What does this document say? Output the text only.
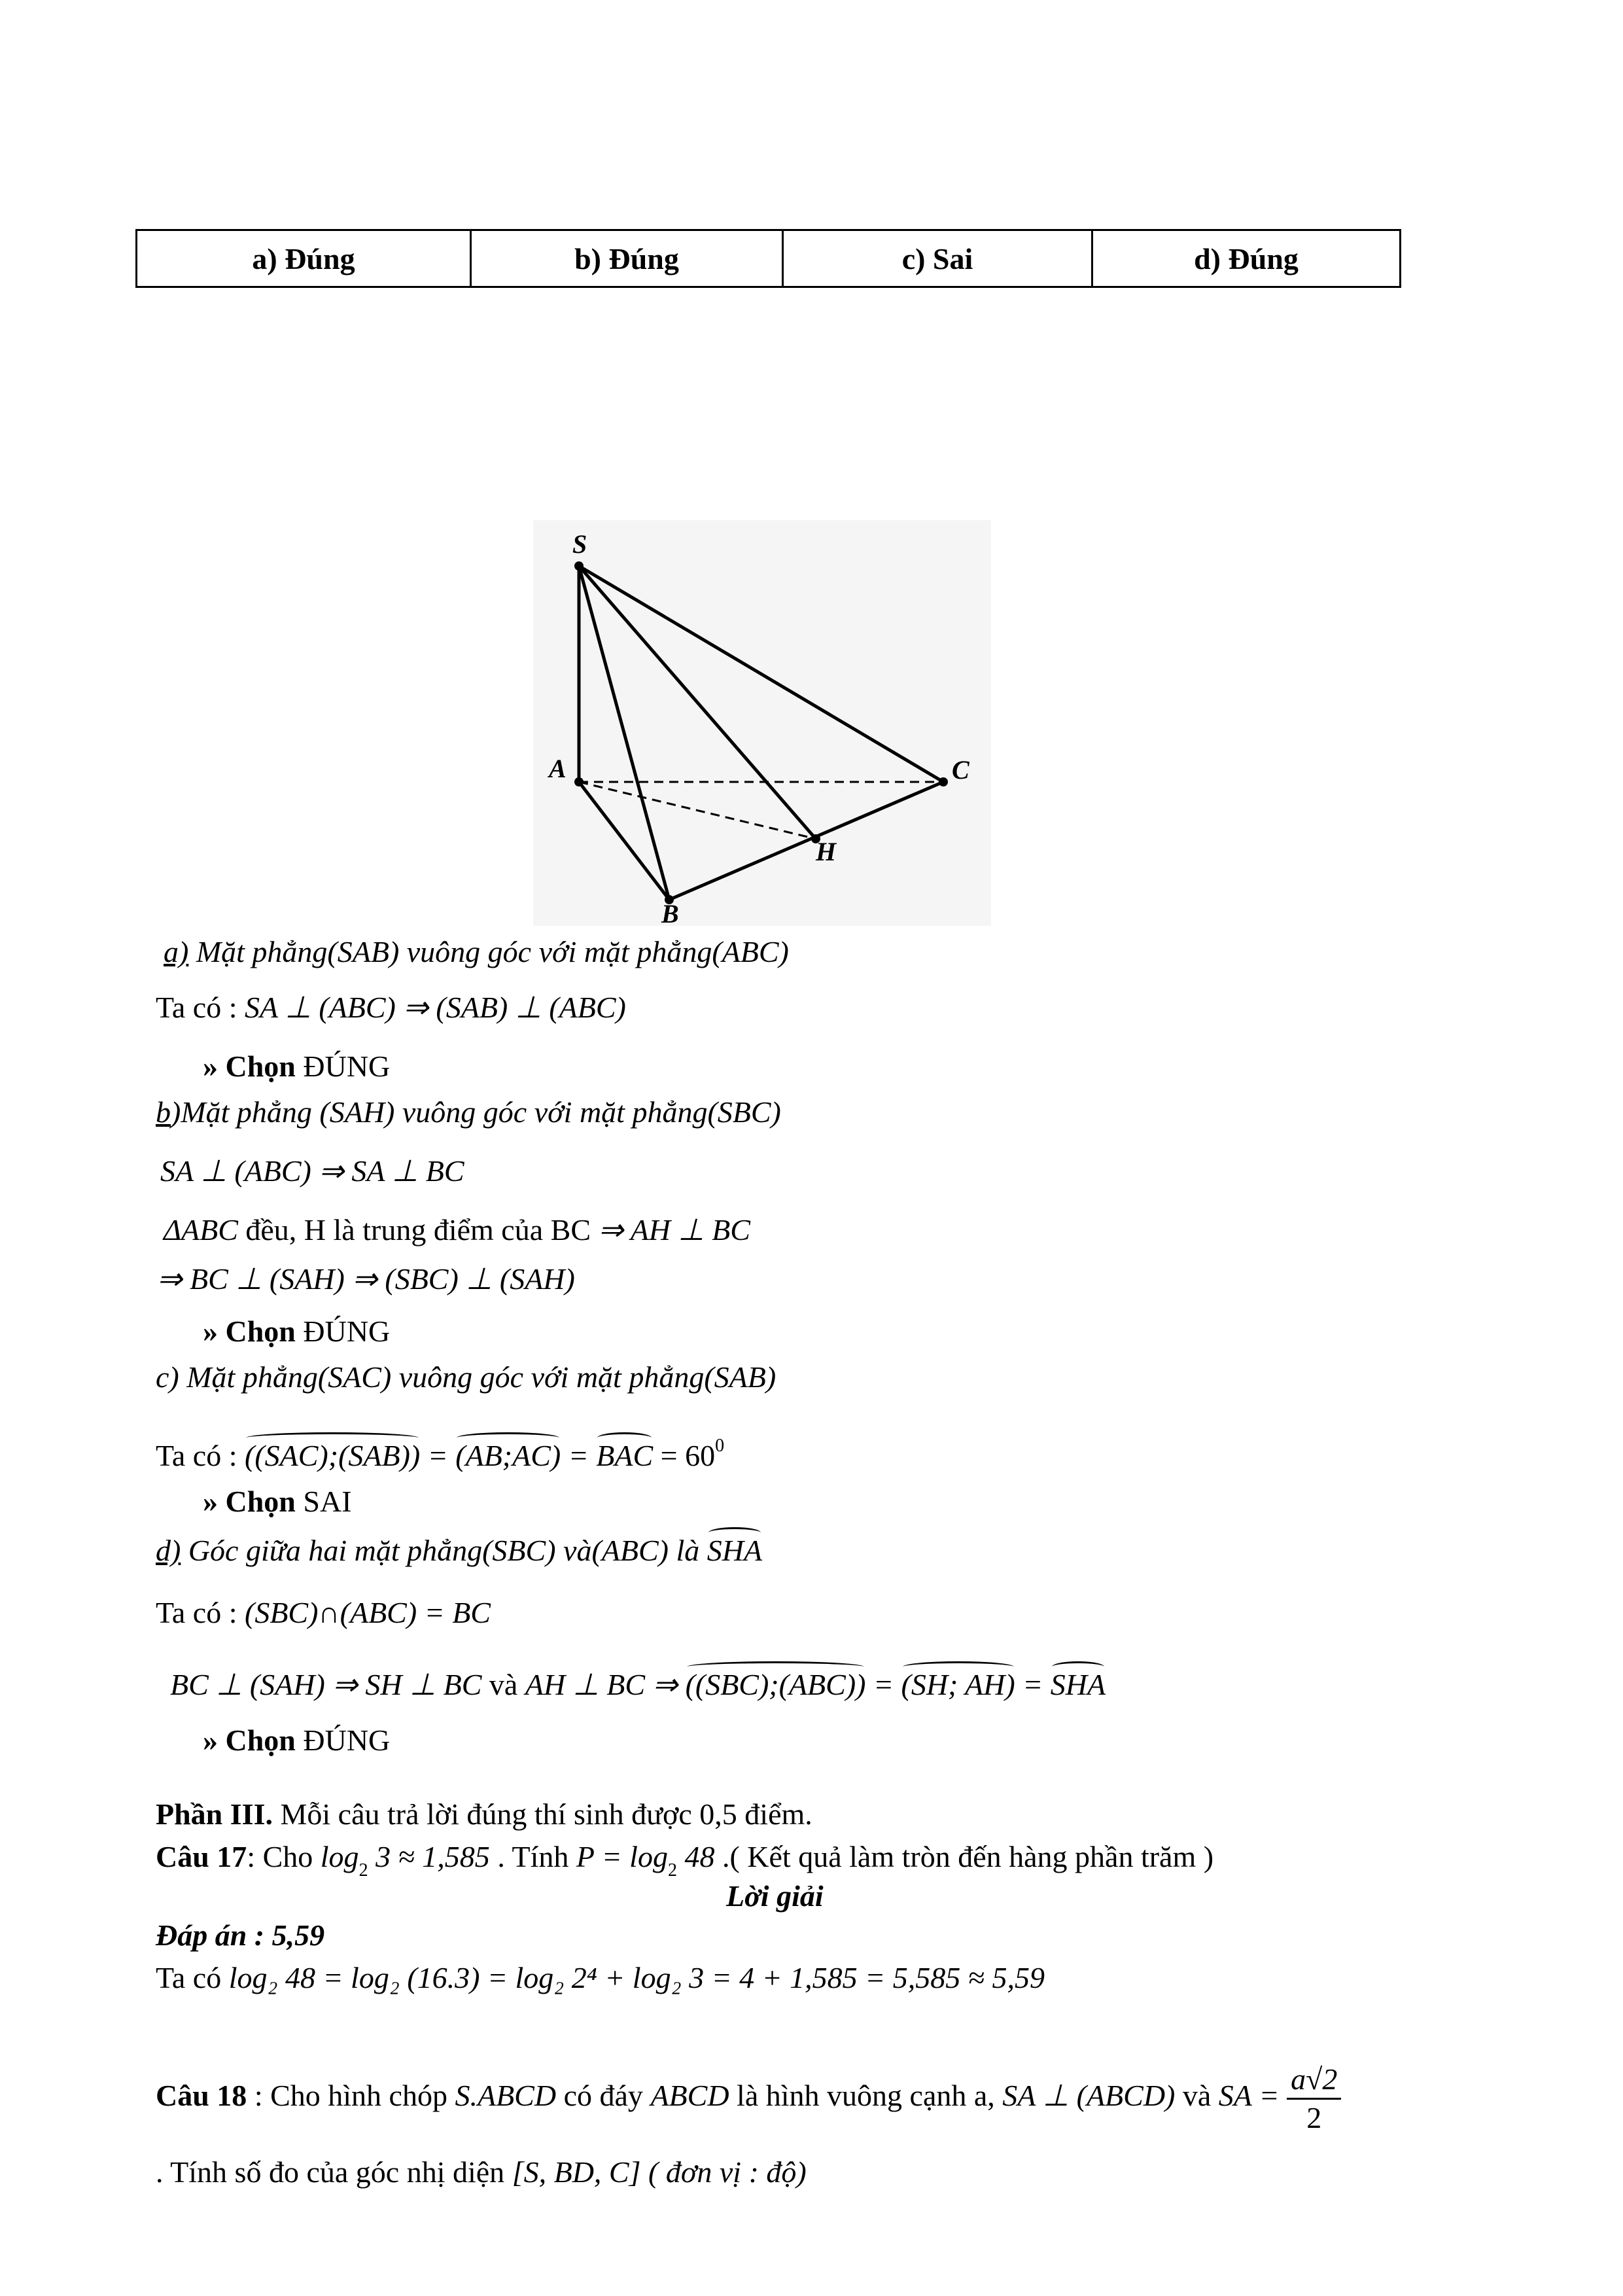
a) Đúng	b) Đúng	c) Sai	d) Đúng
S
A
B
C
H
a) Mặt phẳng(SAB) vuông góc với mặt phẳng(ABC)
Ta có : SA ⊥ (ABC) ⇒ (SAB) ⊥ (ABC)
» Chọn ĐÚNG
b)Mặt phẳng (SAH) vuông góc với mặt phẳng(SBC)
SA ⊥ (ABC) ⇒ SA ⊥ BC
ΔABC đều, H là trung điểm của BC ⇒ AH ⊥ BC
⇒ BC ⊥ (SAH) ⇒ (SBC) ⊥ (SAH)
» Chọn ĐÚNG
c) Mặt phẳng(SAC) vuông góc với mặt phẳng(SAB)
Ta có : ((SAC);(SAB)) = (AB;AC) = BAC = $60^0$
» Chọn SAI
d) Góc giữa hai mặt phẳng(SBC) và(ABC) là SHA
Ta có : (SBC)∩(ABC) = BC
BC ⊥ (SAH) ⇒ SH ⊥ BC và AH ⊥ BC ⇒ ((SBC);(ABC)) = (SH; AH) = SHA
» Chọn ĐÚNG
Phần III. Mỗi câu trả lời đúng thí sinh được 0,5 điểm.
Câu 17: Cho $\log_2 3 \approx 1,585$ . Tính $P = \log_2 48$ .( Kết quả làm tròn đến hàng phần trăm )
Lời giải
Đáp án : 5,59
Ta có log₂ 48 = log₂ (16.3) = log₂ 2⁴ + log₂ 3 = 4 + 1,585 = 5,585 ≈ 5,59
Câu 18 : Cho hình chóp S.ABCD có đáy ABCD là hình vuông cạnh a, SA ⊥ (ABCD) và SA = $\frac{a√2}{2}$
. Tính số đo của góc nhị diện [S, BD, C] ( đơn vị : độ)
